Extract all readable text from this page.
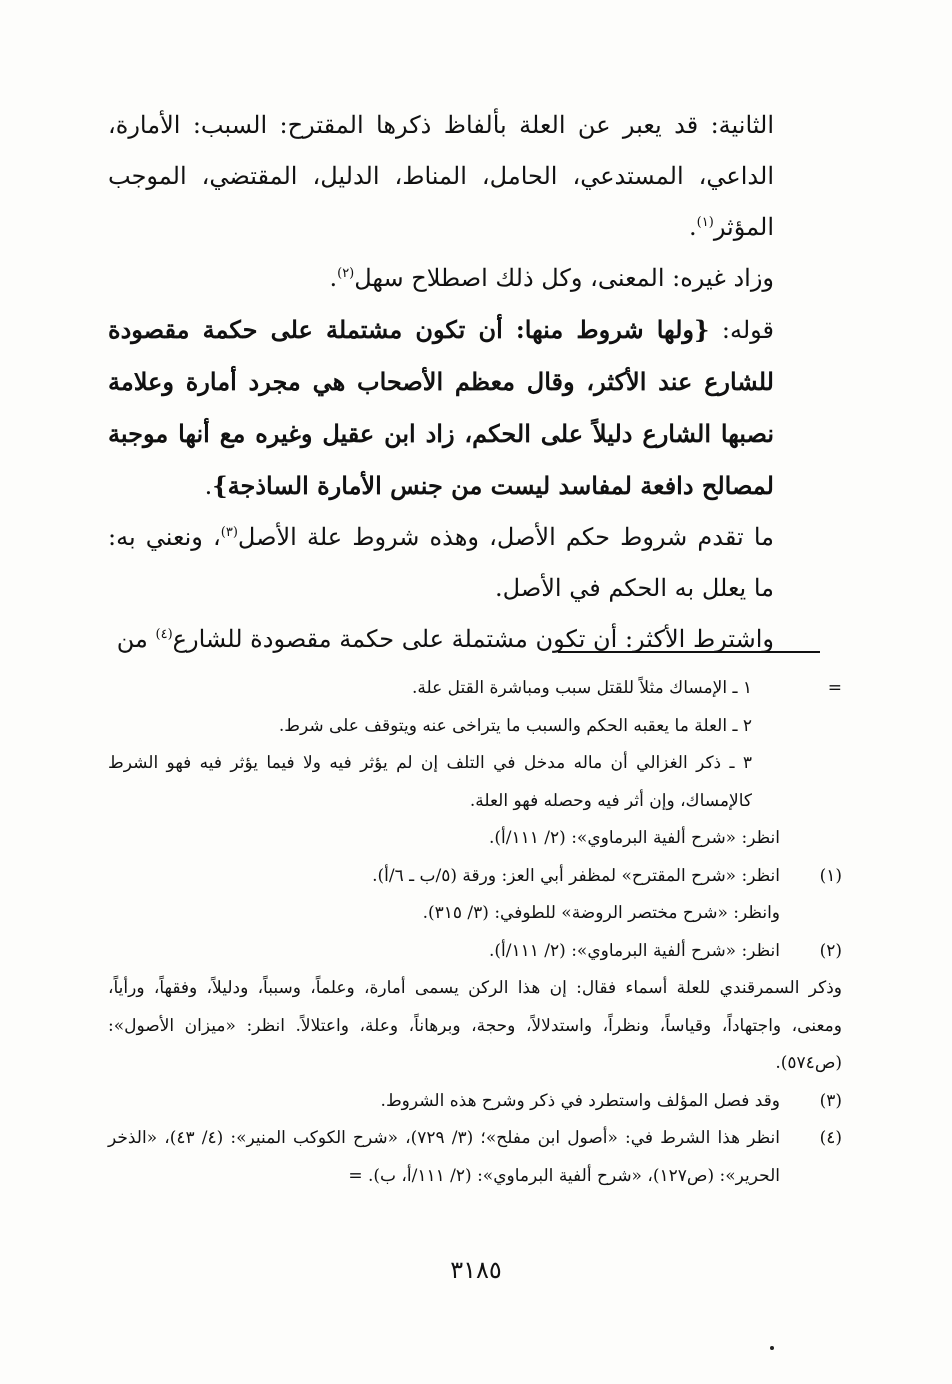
الثانية: قد يعبر عن العلة بألفاظ ذكرها المقترح: السبب: الأمارة، الداعي، المستدعي، الحامل، المناط، الدليل، المقتضي، الموجب المؤثر$^{(١)}$.

وزاد غيره: المعنى، وكل ذلك اصطلاح سهل$^{(٢)}$.

قوله: {ولها شروط منها: أن تكون مشتملة على حكمة مقصودة للشارع عند الأكثر، وقال معظم الأصحاب هي مجرد أمارة وعلامة نصبها الشارع دليلاً على الحكم، زاد ابن عقيل وغيره مع أنها موجبة لمصالح دافعة لمفاسد ليست من جنس الأمارة الساذجة}.

ما تقدم شروط حكم الأصل، وهذه شروط علة الأصل$^{(٣)}$، ونعني به: ما يعلل به الحكم في الأصل.

واشترط الأكثر: أن تكون مشتملة على حكمة مقصودة للشارع$^{(٤)}$ من

=
١ ـ الإمساك مثلاً للقتل سبب ومباشرة القتل علة.
٢ ـ العلة ما يعقبه الحكم والسبب ما يتراخى عنه ويتوقف على شرط.
٣ ـ ذكر الغزالي أن ماله مدخل في التلف إن لم يؤثر فيه ولا فيما يؤثر فيه فهو الشرط كالإمساك، وإن أثر فيه وحصله فهو العلة.
انظر: «شرح ألفية البرماوي»: (٢/ ١١١/أ).
(١)
انظر: «شرح المقترح» لمظفر أبي العز: ورقة (٥/ب ـ ٦/أ).
وانظر: «شرح مختصر الروضة» للطوفي: (٣/ ٣١٥).
(٢)
انظر: «شرح ألفية البرماوي»: (٢/ ١١١/أ).
وذكر السمرقندي للعلة أسماء فقال: إن هذا الركن يسمى أمارة، وعلماً، وسبباً، ودليلاً، وفقهاً، ورأياً، ومعنى، واجتهاداً، وقياساً، ونظراً، واستدلالاً، وحجة، وبرهاناً، وعلة، واعتلالاً. انظر: «ميزان الأصول»: (ص٥٧٤).
(٣)
وقد فصل المؤلف واستطرد في ذكر وشرح هذه الشروط.
(٤)
انظر هذا الشرط في: «أصول ابن مفلح»؛ (٣/ ٧٢٩)، «شرح الكوكب المنير»: (٤/ ٤٣)، «الذخر الحرير»: (ص١٢٧)، «شرح ألفية البرماوي»: (٢/ ١١١/أ، ب). =
٣١٨٥
